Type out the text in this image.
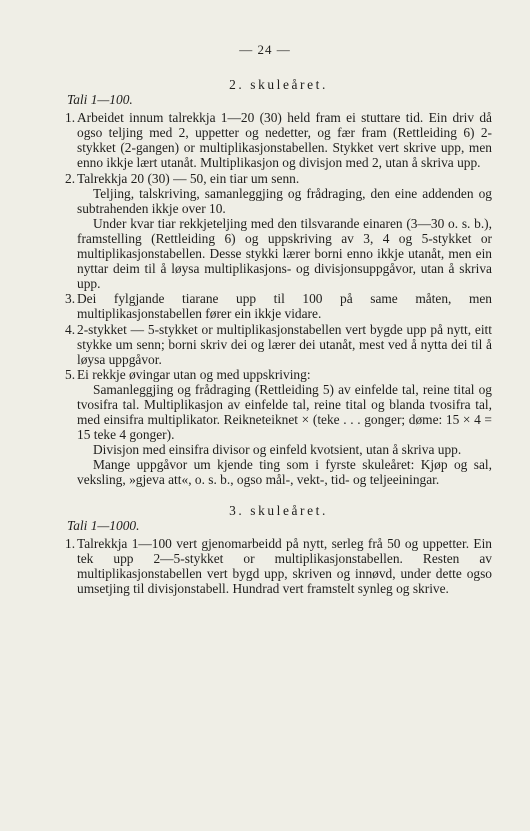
— 24 —
2. skuleåret.
Tali 1—100.
1. Arbeidet innum talrekkja 1—20 (30) held fram ei stuttare tid. Ein driv då ogso teljing med 2, uppetter og nedetter, og fær fram (Rettleiding 6) 2-stykket (2-gangen) or multiplikasjonstabellen. Stykket vert skrive upp, men enno ikkje lært utanåt. Multiplikasjon og divisjon med 2, utan å skriva upp.
2. Talrekkja 20 (30) — 50, ein tiar um senn.

Teljing, talskriving, samanleggjing og frådraging, den eine addenden og subtrahenden ikkje over 10.

Under kvar tiar rekkjeteljing med den tilsvarande einaren (3—30 o. s. b.), framstelling (Rettleiding 6) og uppskriving av 3, 4 og 5-stykket or multiplikasjonstabellen. Desse stykki lærer borni enno ikkje utanåt, men ein nyttar deim til å løysa multiplikasjons- og divisjonsuppgåvor, utan å skriva upp.

3. Dei fylgjande tiarane upp til 100 på same måten, men multiplikasjonstabellen fører ein ikkje vidare.
4. 2-stykket — 5-stykket or multiplikasjonstabellen vert bygde upp på nytt, eitt stykke um senn; borni skriv dei og lærer dei utanåt, mest ved å nytta dei til å løysa uppgåvor.
5. Ei rekkje øvingar utan og med uppskriving:

Samanleggjing og frådraging (Rettleiding 5) av einfelde tal, reine tital og tvosifra tal. Multiplikasjon av einfelde tal, reine tital og blanda tvosifra tal, med einsifra multiplikator. Reikneteiknet × (teke . . . gonger; døme: 15 × 4 = 15 teke 4 gonger).

Divisjon med einsifra divisor og einfeld kvotsient, utan å skriva upp.

Mange uppgåvor um kjende ting som i fyrste skuleåret: Kjøp og sal, veksling, »gjeva att«, o. s. b., ogso mål-, vekt-, tid- og teljeeiningar.

3. skuleåret.
Tali 1—1000.
1. Talrekkja 1—100 vert gjenomarbeidd på nytt, serleg frå 50 og uppetter. Ein tek upp 2—5-stykket or multiplikasjonstabellen. Resten av multiplikasjonstabellen vert bygd upp, skriven og innøvd, under dette ogso umsetjing til divisjonstabell. Hundrad vert framstelt synleg og skrive.
